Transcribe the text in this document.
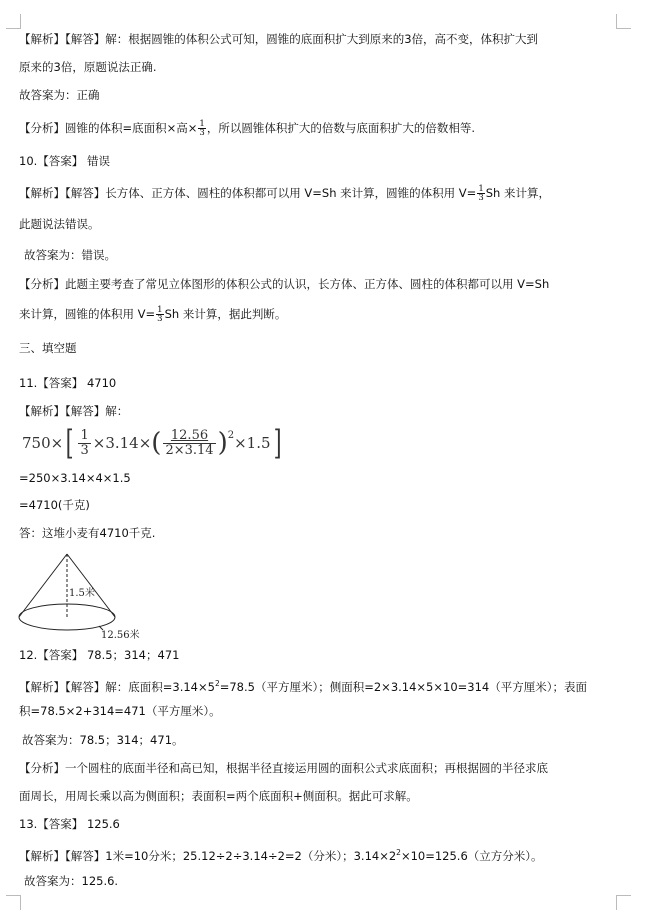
【解析】【解答】解：根据圆锥的体积公式可知，圆锥的底面积扩大到原来的3倍，高不变，体积扩大到
原来的3倍，原题说法正确.
故答案为：正确
【分析】圆锥的体积=底面积×高× $\frac{1}{3}$ ，所以圆锥体积扩大的倍数与底面积扩大的倍数相等.
10.【答案】 错误
【解析】【解答】长方体、正方体、圆柱的体积都可以用 V=Sh 来计算，圆锥的体积用 $V= \frac{1}{3}$ Sh 来计算，
此题说法错误。
故答案为：错误。
【分析】此题主要考查了常见立体图形的体积公式的认识，长方体、正方体、圆柱的体积都可以用 V=Sh
来计算，圆锥的体积用 $V= \frac{1}{3}$ Sh 来计算，据此判断。
三、填空题
11.【答案】 4710
【解析】【解答】解：
750× [ $\frac{1}{3} \times 3.14\times$ ( 12.56
2×3.14 )$^2$ ×1.5 ]
=250×3.14×4×1.5
=4710(千克)
答：这堆小麦有4710千克.
1.5米
12.56米
12.【答案】 78.5；314；471
【解析】【解答】解：底面积$=3.14\times 5^2=78.5$（平方厘米）；侧面积=2×3.14×5×10=314（平方厘米）；表面
积=78.5×2+314=471（平方厘米）。
故答案为：78.5；314；471。
【分析】一个圆柱的底面半径和高已知，根据半径直接运用圆的面积公式求底面积；再根据圆的半径求底
面周长，用周长乘以高为侧面积；表面积=两个底面积+侧面积。据此可求解。
13.【答案】 125.6
【解析】【解答】1米=10分米；25.12÷2÷3.14÷2=2（分米）；$3.14\times 2^2\times 10=125.6$（立方分米）。
故答案为：125.6.
